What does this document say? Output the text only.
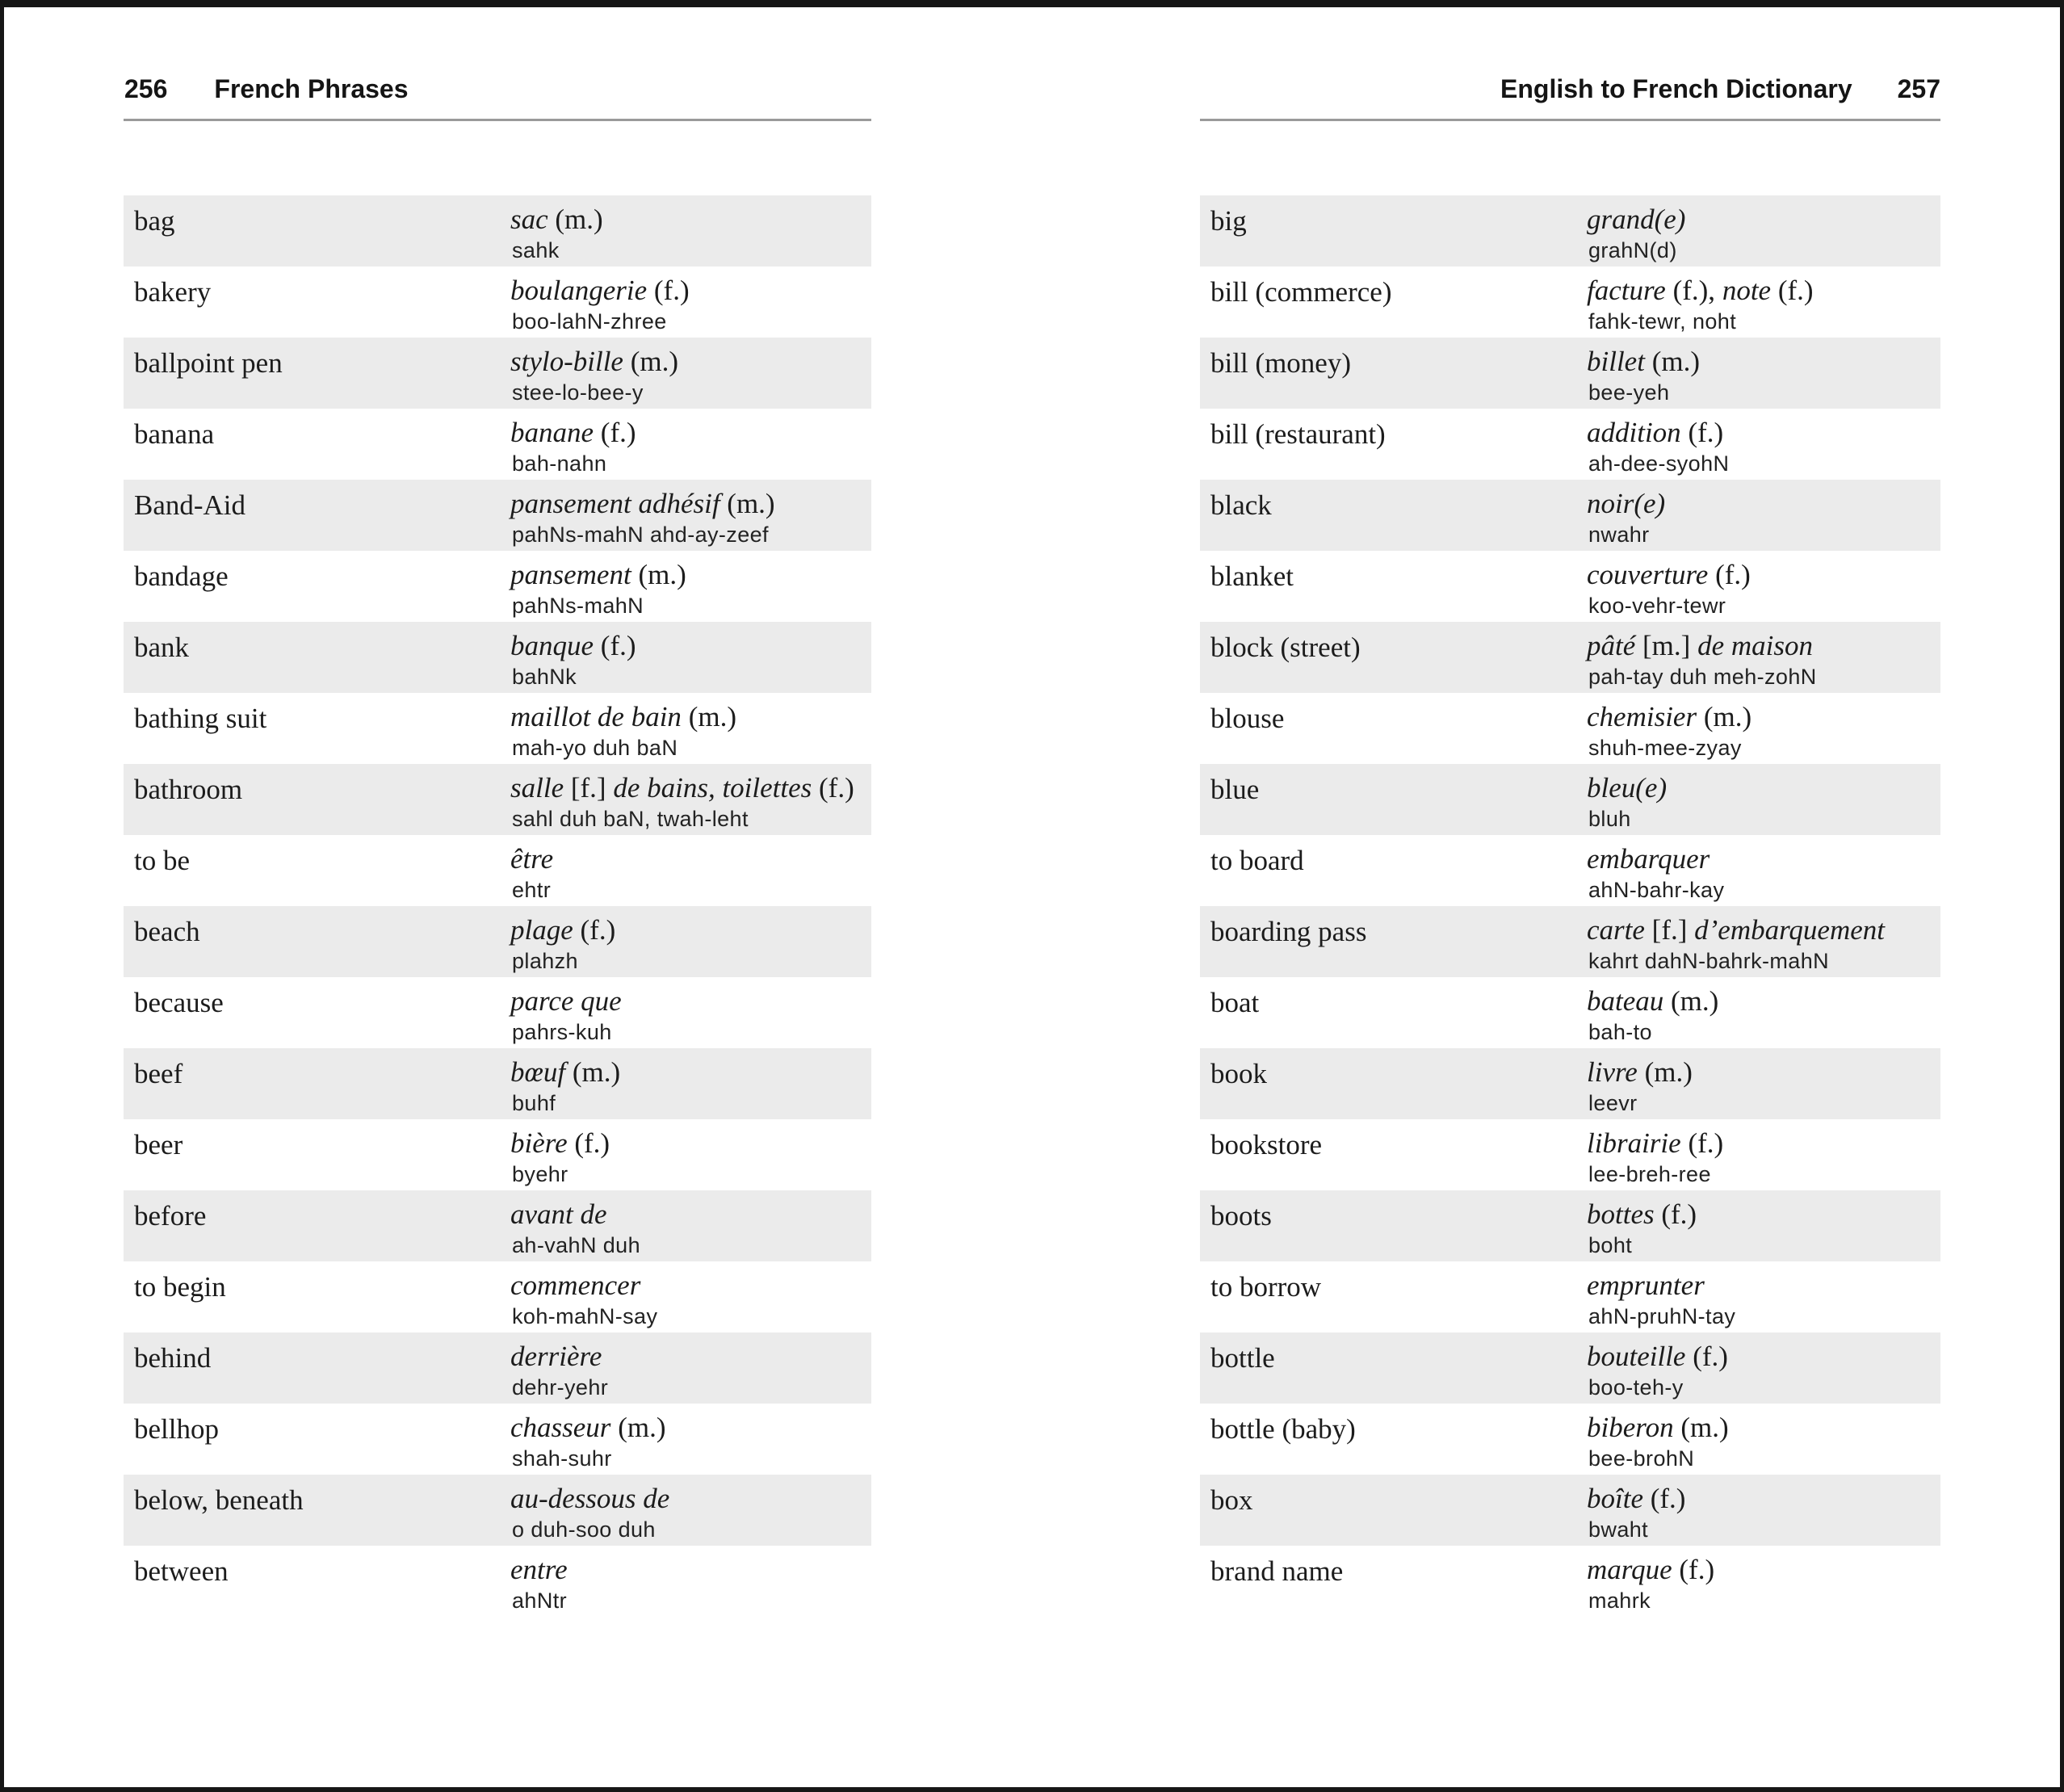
256 French Phrases	English to French Dictionary 257
bag	sac (m.)
sahk
bakery	boulangerie (f.)
boo-lahN-zhree
ballpoint pen	stylo-bille (m.)
stee-lo-bee-y
banana	banane (f.)
bah-nahn
Band-Aid	pansement adhésif (m.)
pahNs-mahN ahd-ay-zeef
bandage	pansement (m.)
pahNs-mahN
bank	banque (f.)
bahNk
bathing suit	maillot de bain (m.)
mah-yo duh baN
bathroom	salle [f.] de bains, toilettes (f.)
sahl duh baN, twah-leht
to be	être
ehtr
beach	plage (f.)
plahzh
because	parce que
pahrs-kuh
beef	bœuf (m.)
buhf
beer	bière (f.)
byehr
before	avant de
ah-vahN duh
to begin	commencer
koh-mahN-say
behind	derrière
dehr-yehr
bellhop	chasseur (m.)
shah-suhr
below, beneath	au-dessous de
o duh-soo duh
between	entre
ahNtr
big	grand(e)
grahN(d)
bill (commerce)	facture (f.), note (f.)
fahk-tewr, noht
bill (money)	billet (m.)
bee-yeh
bill (restaurant)	addition (f.)
ah-dee-syohN
black	noir(e)
nwahr
blanket	couverture (f.)
koo-vehr-tewr
block (street)	pâté [m.] de maison
pah-tay duh meh-zohN
blouse	chemisier (m.)
shuh-mee-zyay
blue	bleu(e)
bluh
to board	embarquer
ahN-bahr-kay
boarding pass	carte [f.] d’embarquement
kahrt dahN-bahrk-mahN
boat	bateau (m.)
bah-to
book	livre (m.)
leevr
bookstore	librairie (f.)
lee-breh-ree
boots	bottes (f.)
boht
to borrow	emprunter
ahN-pruhN-tay
bottle	bouteille (f.)
boo-teh-y
bottle (baby)	biberon (m.)
bee-brohN
box	boîte (f.)
bwaht
brand name	marque (f.)
mahrk
